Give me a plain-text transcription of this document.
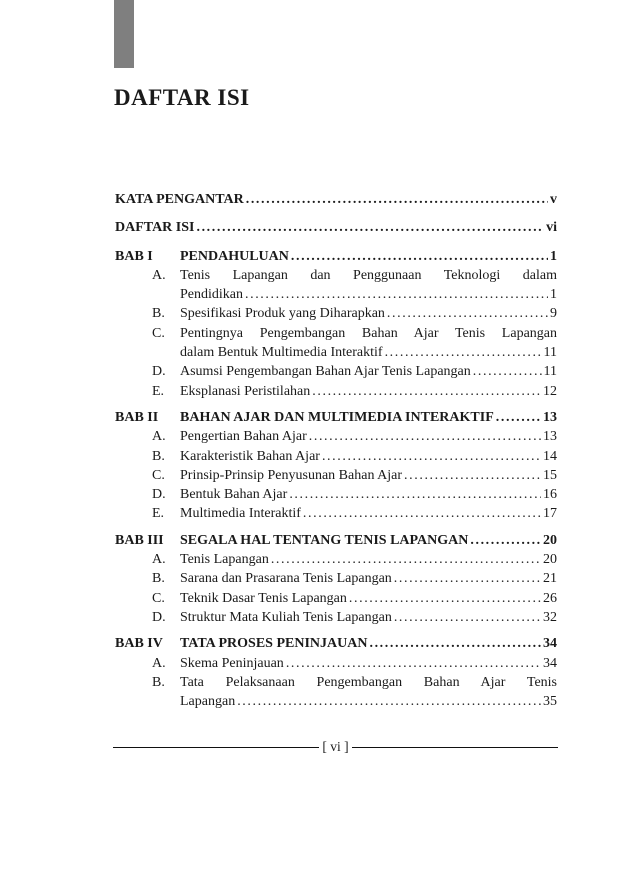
DAFTAR ISI
KATA PENGANTAR .....	v
DAFTAR ISI .....	vi
BAB I	PENDAHULUAN .....	1
A.	Tenis Lapangan dan Penggunaan Teknologi dalam
Pendidikan .....	1
B.	Spesifikasi Produk yang Diharapkan .....	9
C.	Pentingnya Pengembangan Bahan Ajar Tenis Lapangan
dalam Bentuk Multimedia Interaktif .....	11
D.	Asumsi Pengembangan Bahan Ajar Tenis Lapangan .....	11
E.	Eksplanasi Peristilahan .....	12
BAB II	BAHAN AJAR DAN MULTIMEDIA INTERAKTIF .....	13
A.	Pengertian Bahan Ajar .....	13
B.	Karakteristik Bahan Ajar .....	14
C.	Prinsip-Prinsip Penyusunan Bahan Ajar .....	15
D.	Bentuk Bahan Ajar .....	16
E.	Multimedia Interaktif .....	17
BAB III	SEGALA HAL TENTANG TENIS LAPANGAN .....	20
A.	Tenis Lapangan .....	20
B.	Sarana dan Prasarana Tenis Lapangan .....	21
C.	Teknik Dasar Tenis Lapangan .....	26
D.	Struktur Mata Kuliah Tenis Lapangan .....	32
BAB IV	TATA PROSES PENINJAUAN .....	34
A.	Skema Peninjauan .....	34
B.	Tata Pelaksanaan Pengembangan Bahan Ajar Tenis
Lapangan .....	35
[ vi ]
